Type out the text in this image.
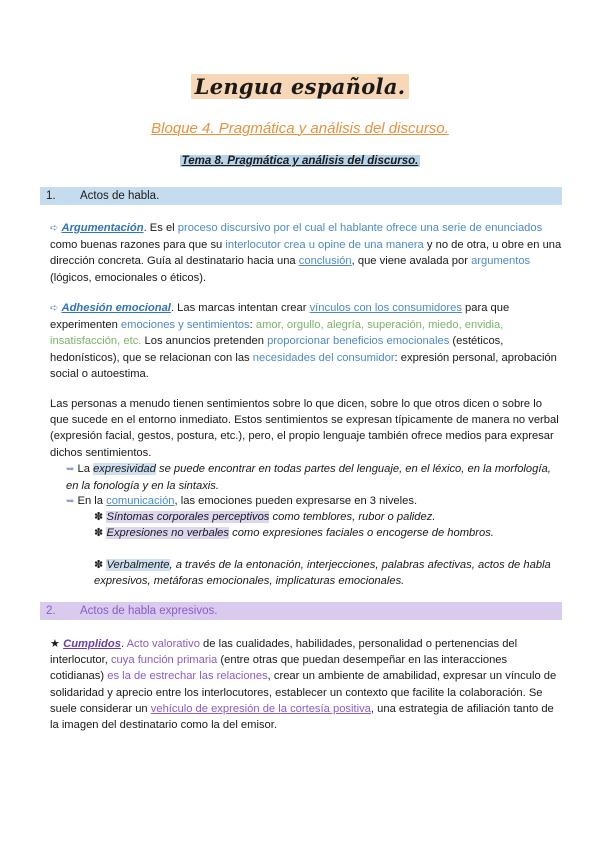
Lengua española.
Bloque 4. Pragmática y análisis del discurso.
Tema 8. Pragmática y análisis del discurso.
1. Actos de habla.
➪ Argumentación. Es el proceso discursivo por el cual el hablante ofrece una serie de enunciados como buenas razones para que su interlocutor crea u opine de una manera y no de otra, u obre en una dirección concreta. Guía al destinatario hacia una conclusión, que viene avalada por argumentos (lógicos, emocionales o éticos).
➪ Adhesión emocional. Las marcas intentan crear vínculos con los consumidores para que experimenten emociones y sentimientos: amor, orgullo, alegría, superación, miedo, envidia, insatisfacción, etc. Los anuncios pretenden proporcionar beneficios emocionales (estéticos, hedonísticos), que se relacionan con las necesidades del consumidor: expresión personal, aprobación social o autoestima.
Las personas a menudo tienen sentimientos sobre lo que dicen, sobre lo que otros dicen o sobre lo que sucede en el entorno inmediato. Estos sentimientos se expresan típicamente de manera no verbal (expresión facial, gestos, postura, etc.), pero, el propio lenguaje también ofrece medios para expresar dichos sentimientos.
➥ La expresividad se puede encontrar en todas partes del lenguaje, en el léxico, en la morfología, en la fonología y en la sintaxis.
➥ En la comunicación, las emociones pueden expresarse en 3 niveles.
✽ Síntomas corporales perceptivos como temblores, rubor o palidez.
✽ Expresiones no verbales como expresiones faciales o encogerse de hombros.
✽ Verbalmente, a través de la entonación, interjecciones, palabras afectivas, actos de habla expresivos, metáforas emocionales, implicaturas emocionales.
2. Actos de habla expresivos.
★ Cumplidos. Acto valorativo de las cualidades, habilidades, personalidad o pertenencias del interlocutor, cuya función primaria (entre otras que puedan desempeñar en las interacciones cotidianas) es la de estrechar las relaciones, crear un ambiente de amabilidad, expresar un vínculo de solidaridad y aprecio entre los interlocutores, establecer un contexto que facilite la colaboración. Se suele considerar un vehículo de expresión de la cortesía positiva, una estrategia de afiliación tanto de la imagen del destinatario como la del emisor.
